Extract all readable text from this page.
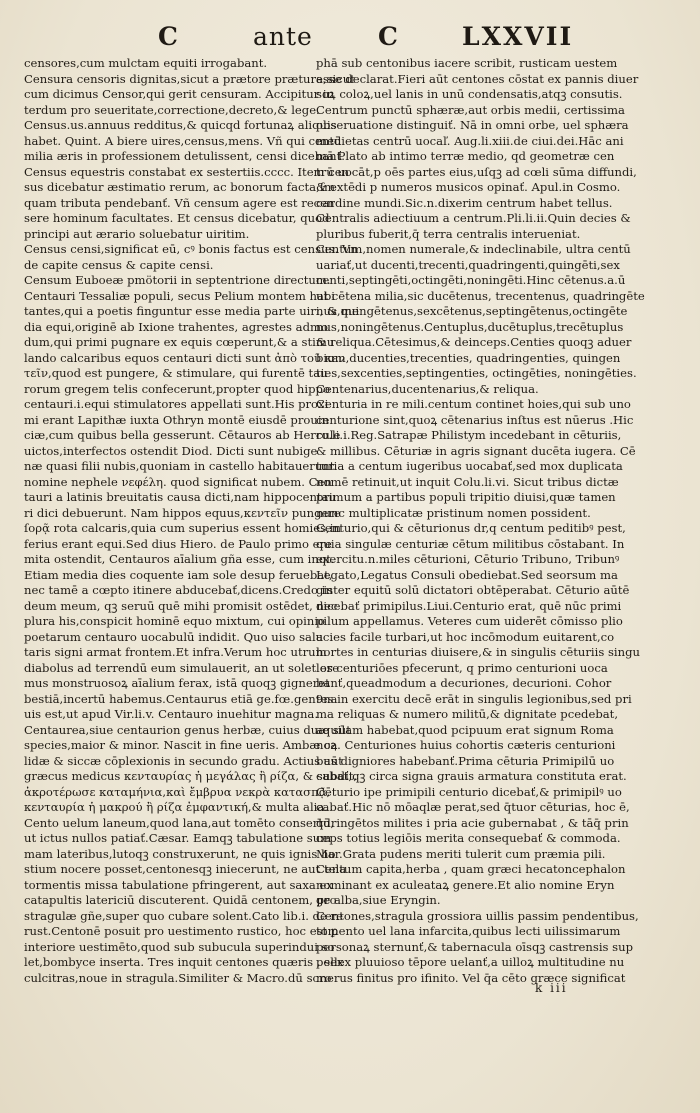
C	ante	C	LXXVII
censores,cum mulctam equiti irrogabant.
Censura censoris dignitas,sicut a prætore prætura,sicut
cum dicimus Censor,qui gerit censuram. Accipitur in
terdum pro seueritate,correctione,decreto,& lege.
Census.us.annuus redditus,& quicqd fortunaꝝ aliquis
habet. Quint. A biere uires,census,mens. Vñ qui centū
milia æris in professionem detulissent, censi dicebanť.
Census equestris constabat ex sestertiis.cccc. Item cen
sus dicebatur æstimatio rerum, ac bonorum facta,ſm
quam tributa pendebanť. Vñ censum agere est recen
sere hominum facultates. Et census dicebatur, quod
principi aut ærario soluebatur uiritim.
Census censi,significat eū, cꝰ bonis factus est census. Vn
de capite census & capite censi.
Censum Euboeæ pmötorii in septentrione directum.
Centauri Tessaliæ populi, secus Pelium montem habi
tantes,qui a poetis finguntur esse media parte uiri, & me
dia equi,originē ab Ixione trahentes, agrestes admo
dum,qui primi pugnare ex equis cœperunt,& a stimu
lando calcaribus equos centauri dicti sunt ἀπὸ τοῦ κεν
τεῖν,quod est pungere, & stimulare, qui furentē tau
rorum gregem telis confecerunt,propter quod hippo
centauri.i.equi stimulatores appellati sunt.His proxi
mi erant Lapithæ iuxta Othryn montē eiusdē prouin
ciæ,cum quibus bella gesserunt. Cētauros ab Hercule
uictos,interfectos ostendit Diod. Dicti sunt nubige
næ quasi filii nubis,quoniam in castello habitauerunt
nomine nephele νεφέλη. quod significat nubem. Cen
tauri a latinis breuitatis causa dicti,nam hippocentau
ri dici debuerunt. Nam hippos equus,κεντεῖν pungere
ſορᾷ rota calcaris,quia cum superius essent homies,in
ferius erant equi.Sed dius Hiero. de Paulo primo ere
mita ostendit, Centauros aīalium gña esse, cum inqt.
Etiam media dies coquente iam sole desup feruebat,
nec tamē a cœpto itinere abducebať,dicens.Credo in
deum meum, qꝫ seruū quē mihi promisit ostēdet, nec
plura his,conspicit hominē equo mixtum, cui opinio
poetarum centauro uocabulū indidit. Quo uiso salu
taris signi armat frontem.Et infra.Verum hoc utrum
diabolus ad terrendū eum simulauerit, an ut solet ere
mus monstruosoꝝ aīalium ferax, istā quoqꝫ gigneret
bestiā,incertū habemus.Centaurus etiā ge.fœ.gen9na
uis est,ut apud Vir.li.v. Centauro inuehitur magna.
Centaurea,siue centaurion genus herbæ, cuius duæ sūt
species,maior & minor. Nascit in fine ueris. Ambæ ca
lidæ & siccæ cōplexionis in secundo gradu. Actius aūt
græcus medicus κενταυρίας ἡ μεγάλας ἢ ρίζα, & subdit,
ἀκροτέρωσε καταμήνια,καὶ ἔμβρυα νεκρὰ κατασπᾷ,
κενταυρία ἡ μακρού ἢ ρίζα ἐμφαντική,& multa alia.
Cento uelum laneum,quod lana,aut tomēto consertū,
ut ictus nullos patiať.Cæsar. Eamqꝫ tabulatione sum
mam lateribus,lutoqꝫ construxerunt, ne quis ignis ho
stium nocere posset,centonesqꝫ iniecerunt, ne aut tela
tormentis missa tabulatione pfringerent, aut saxa ex
catapultis latericiū discuterent. Quidā centonem, pro
stragulæ gñe,super quo cubare solent.Cato lib.i. de re
rust.Centonē posuit pro uestimento rustico, hoc est ꝑ
interiore uestimēto,quod sub subucula superindui so
let,bombyce inserta. Tres inquit centones quæris , sex
culcitras,noue in stragula.Similiter & Macro.dū scro
phā sub centonibus iacere scribit, rusticam uestem
esse declarat.Fieri aūt centones cōstat ex pannis diuer
soꝝ coloꝝ,uel lanis in unū condensatis,atqꝫ consutis.
Centrum punctū sphæræ,aut orbis medii, certissima
obseruatione distinguiť. Nā in omni orbe, uel sphæra
medietas centrū uocaľ. Aug.li.xiii.de ciui.dei.Hāc ani
mā Plato ab intimo terræ medio, qd geometræ cen
trū uocāt,p oēs partes eius,uſqꝫ ad cœli sūma diffundi,
& extēdi p numeros musicos opinať. Apul.in Cosmo.
cardine mundi.Sic.n.dixerim centrum habet tellus.
Centralis adiectiuum a centrum.Pli.li.ii.Quin decies &
pluribus fuberit,q̄ terra centralis interueniat.
Centum,nomen numerale,& indeclinabile, ultra centū
uariať,ut ducenti,trecenti,quadringenti,quingēti,sex
centi,septingēti,octingēti,noningēti.Hinc cētenus.a.ū
ut cētena milia,sic ducētenus, trecentenus, quadringēte
nus,quingētenus,sexcētenus,septingētenus,octingēte
nus,noningētenus.Centuplus,ducētuplus,trecētuplus
& reliqua.Cētesimus,& deinceps.Centies quoqꝫ aduer
bium,ducenties,trecenties, quadringenties, quingen
ties,sexcenties,septingenties, octingēties, noningēties.
Centenarius,ducentenarius,& reliqua.
Centuria in re mili.centum continet hoies,qui sub uno
centurione sint,quoꝝ cētenarius inſtus est nūerus .Hic
ro.li.i.Reg.Satrapæ Philistym incedebant in cēturiis,
& millibus. Cēturiæ in agris signant ducēta iugera. Cē
turia a centum iugeribus uocabať,sed mox duplicata
nomē retinuit,ut inquit Colu.li.vi. Sicut tribus dictæ
primum a partibus populi tripitio diuisi,quæ tamen
nunc multiplicatæ pristinum nomen possident.
Centurio,qui & cēturionus dr,q centum peditibꝰ pest,
quia singulæ centuriæ cētum militibus cōstabant. In
exercitu.n.miles cēturioni, Cēturio Tribuno, Tribunꝰ
Legato,Legatus Consuli obediebat.Sed seorsum ma
gister equitū solū dictatori obtēperabat. Cēturio aūtē
dicebať primipilus.Liui.Centurio erat, quē nūc primi
pilum appellamus. Veteres cum uiderēt cōmisso plio
acies facile turbari,ut hoc incōmodum euitarent,co
hortes in centurias diuisere,& in singulis cēturiis singu
los centuriōes pfecerunt, q primo centurioni uoca
banť,queadmodum a decuriones, decurioni. Cohor
tes in exercitu decē erāt in singulis legionibus,sed pri
ma reliquas & numero militū,& dignitate pcedebat,
aquilam habebat,quod pcipuum erat signum Roma
noꝝ. Centuriones huius cohortis cæteris centurioni
bus digniores habebanť.Prima cēturia Primipilū uo
cabať,qꝫ circa signa grauis armatura constituta erat.
Cēturio ipe primipili centurio dicebať,& primipilꝰ uo
cabať.Hic nō mōaqlæ perat,sed q̄tuor cēturias, hoc ē,
q̄dringētos milites i pria acie gubernabat , & tāq̄ prin
ceps totius legiōis merita consequebať & commoda.
Mar.Grata pudens meriti tulerit cum præmia pili.
Centum capita,herba , quam græci hecatoncephalon
nominant ex aculeataꝝ genere.Et alio nomine Eryn
ge alba,siue Eryngin.
Centones,stragula grossiora uillis passim pendentibus,
tomento uel lana infarcita,quibus lecti uilissimarum
personaꝝ sternunť,& tabernacula oīsqꝫ castrensis sup
pellex pluuioso tēpore uelanť,a uilloꝝ multitudine nu
merus finitus pro ifinito. Vel q̄a cēto græce significat
k iii
